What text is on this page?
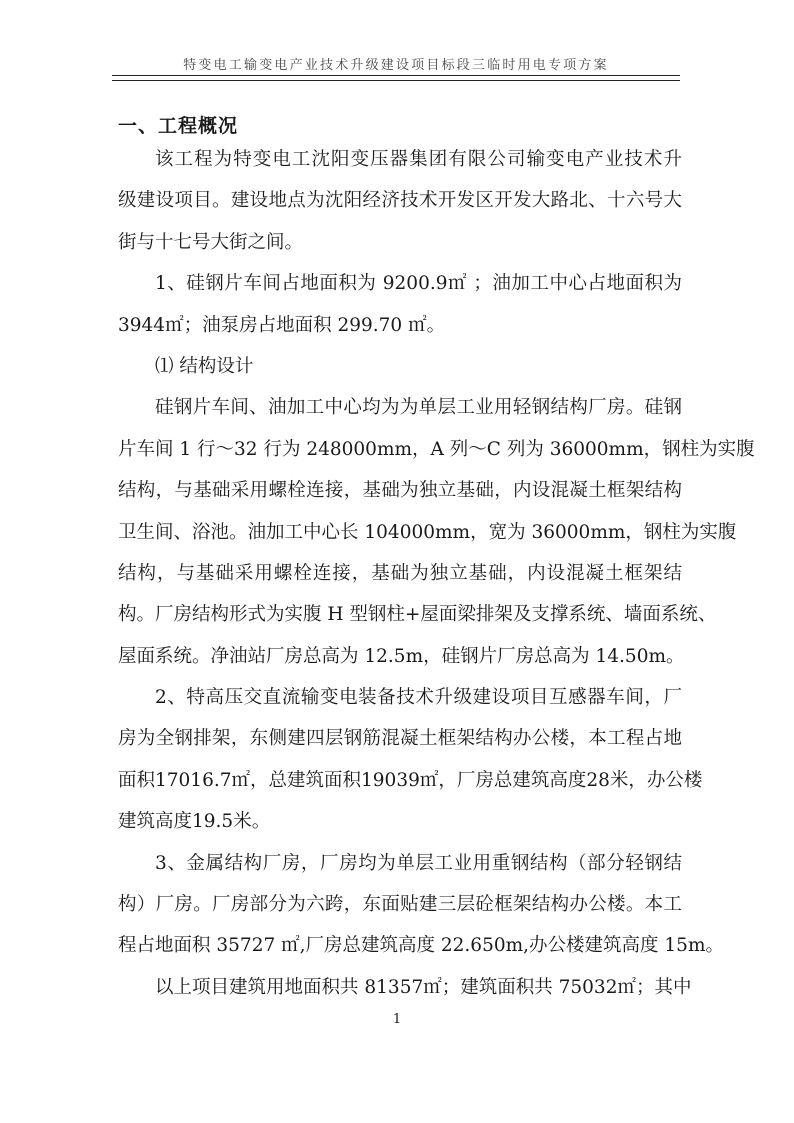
特变电工输变电产业技术升级建设项目标段三临时用电专项方案
一、工程概况
该工程为特变电工沈阳变压器集团有限公司输变电产业技术升
级建设项目。建设地点为沈阳经济技术开发区开发大路北、十六号大
街与十七号大街之间。
1、硅钢片车间占地面积为 9200.9㎡ ；油加工中心占地面积为
3944㎡；油泵房占地面积 299.70 ㎡。
⑴ 结构设计
硅钢片车间、油加工中心均为为单层工业用轻钢结构厂房。硅钢
片车间 1 行～32 行为 248000mm，A 列～C 列为 36000mm，钢柱为实腹
结构，与基础采用螺栓连接，基础为独立基础，内设混凝土框架结构
卫生间、浴池。油加工中心长 104000mm，宽为 36000mm，钢柱为实腹
结构，与基础采用螺栓连接，基础为独立基础，内设混凝土框架结
构。厂房结构形式为实腹 H 型钢柱+屋面梁排架及支撑系统、墙面系统、
屋面系统。净油站厂房总高为 12.5m，硅钢片厂房总高为 14.50m。
2、特高压交直流输变电装备技术升级建设项目互感器车间，厂
房为全钢排架，东侧建四层钢筋混凝土框架结构办公楼，本工程占地
面积17016.7㎡，总建筑面积19039㎡，厂房总建筑高度28米，办公楼
建筑高度19.5米。
3、金属结构厂房，厂房均为单层工业用重钢结构（部分轻钢结
构）厂房。厂房部分为六跨，东面贴建三层砼框架结构办公楼。本工
程占地面积 35727 ㎡,厂房总建筑高度 22.650m,办公楼建筑高度 15m。
以上项目建筑用地面积共 81357㎡；建筑面积共 75032㎡；其中
1
